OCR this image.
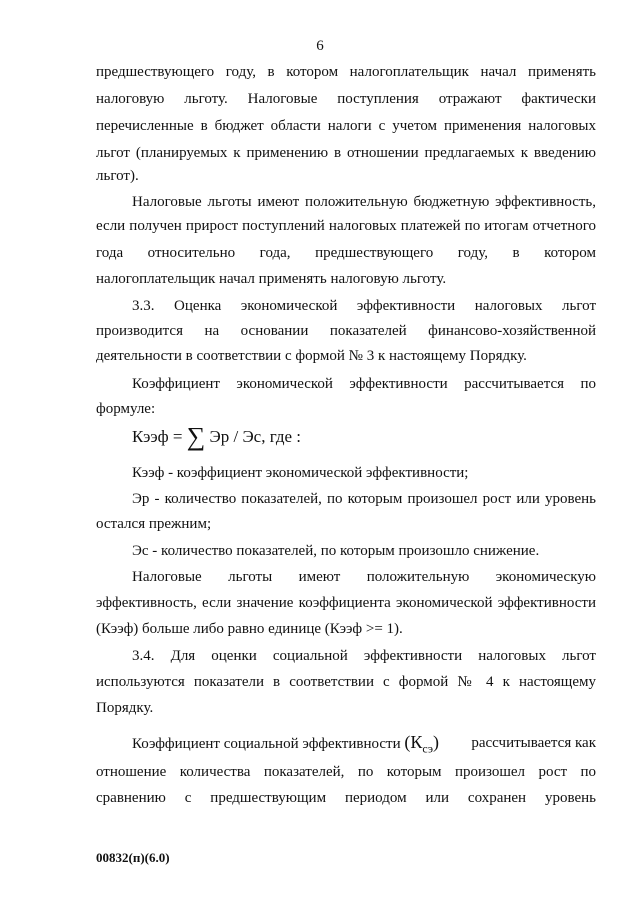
6
предшествующего году, в котором налогоплательщик начал применять
налоговую льготу. Налоговые поступления отражают фактически
перечисленные в бюджет области налоги с учетом применения налоговых
льгот (планируемых к применению в отношении предлагаемых к введению
льгот).
Налоговые льготы имеют положительную бюджетную эффективность,
если получен прирост поступлений налоговых платежей по итогам отчетного
года относительно года, предшествующего году, в котором
налогоплательщик начал применять налоговую льготу.
3.3. Оценка экономической эффективности налоговых льгот
производится на основании показателей финансово-хозяйственной
деятельности в соответствии с формой № 3 к настоящему Порядку.
Коэффициент экономической эффективности рассчитывается по
формуле:
Кээф = ∑ Эр / Эс, где :
Кээф - коэффициент экономической эффективности;
Эр - количество показателей, по которым произошел рост или уровень
остался прежним;
Эс - количество показателей, по которым произошло снижение.
Налоговые льготы имеют положительную экономическую
эффективность, если значение коэффициента экономической эффективности
(Кээф) больше либо равно единице (Кээф >= 1).
3.4. Для оценки социальной эффективности налоговых льгот
используются показатели в соответствии с формой № 4 к настоящему
Порядку.
Коэффициент социальной эффективности $(К_{сэ})$	рассчитывается как
отношение количества показателей, по которым произошел рост по
сравнению с предшествующим периодом или сохранен уровень
00832(п)(6.0)
